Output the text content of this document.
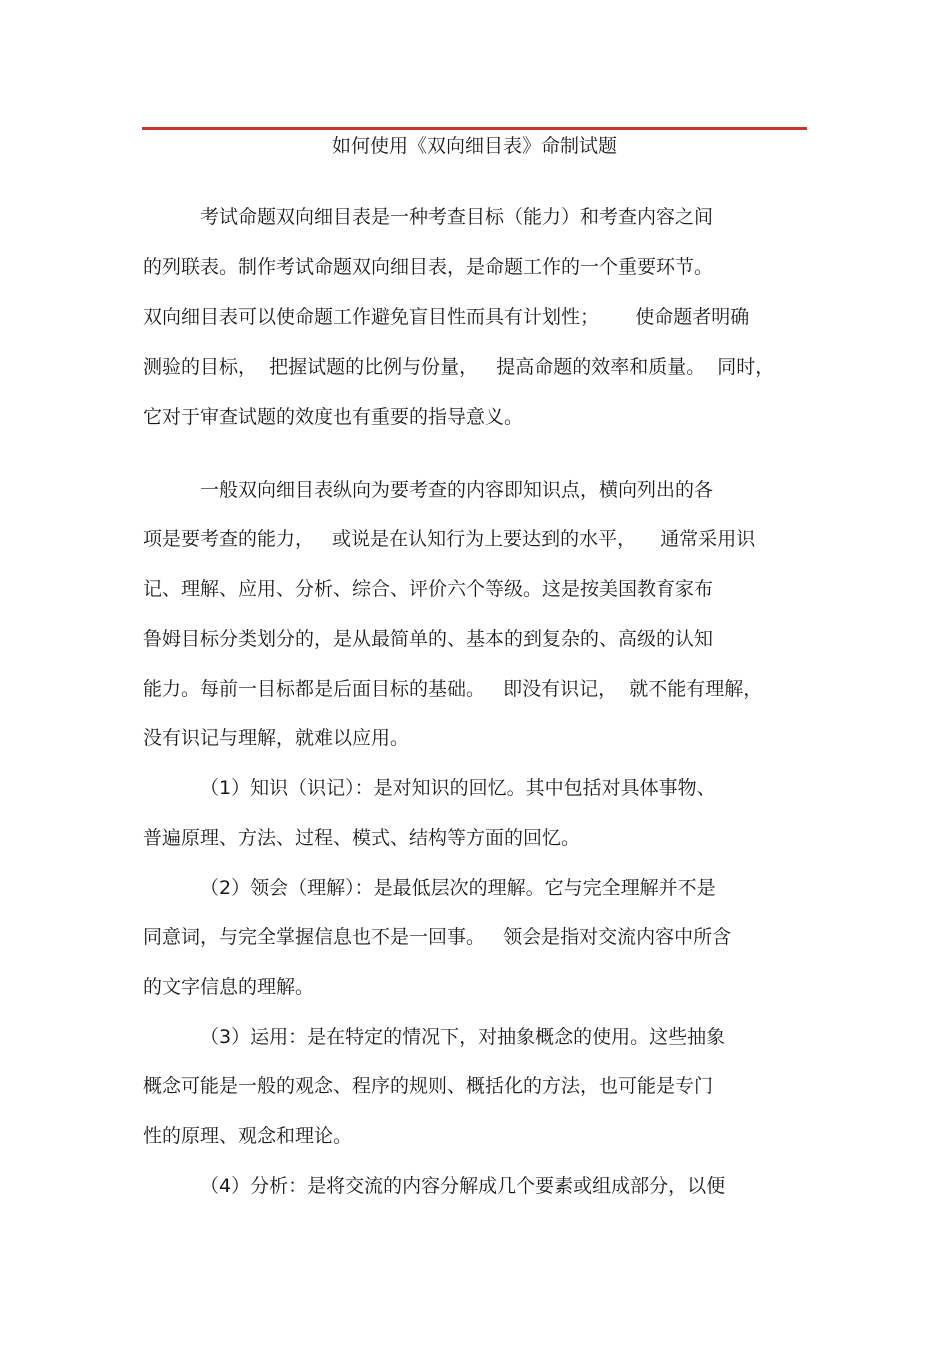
如何使用《双向细目表》命制试题
考试命题双向细目表是一种考查目标（能力）和考查内容之间
的列联表。制作考试命题双向细目表，是命题工作的一个重要环节。
双向细目表可以使命题工作避免盲目性而具有计划性；      使命题者明确
测验的目标，  把握试题的比例与份量，   提高命题的效率和质量。  同时，
它对于审查试题的效度也有重要的指导意义。
一般双向细目表纵向为要考查的内容即知识点，横向列出的各
项是要考查的能力，   或说是在认知行为上要达到的水平，    通常采用识
记、理解、应用、分析、综合、评价六个等级。这是按美国教育家布
鲁姆目标分类划分的，是从最简单的、基本的到复杂的、高级的认知
能力。每前一目标都是后面目标的基础。   即没有识记，  就不能有理解，
没有识记与理解，就难以应用。
（1）知识（识记）：是对知识的回忆。其中包括对具体事物、
普遍原理、方法、过程、模式、结构等方面的回忆。
（2）领会（理解）：是最低层次的理解。它与完全理解并不是
同意词，与完全掌握信息也不是一回事。   领会是指对交流内容中所含
的文字信息的理解。
（3）运用：是在特定的情况下，对抽象概念的使用。这些抽象
概念可能是一般的观念、程序的规则、概括化的方法，也可能是专门
性的原理、观念和理论。
（4）分析：是将交流的内容分解成几个要素或组成部分，以便
